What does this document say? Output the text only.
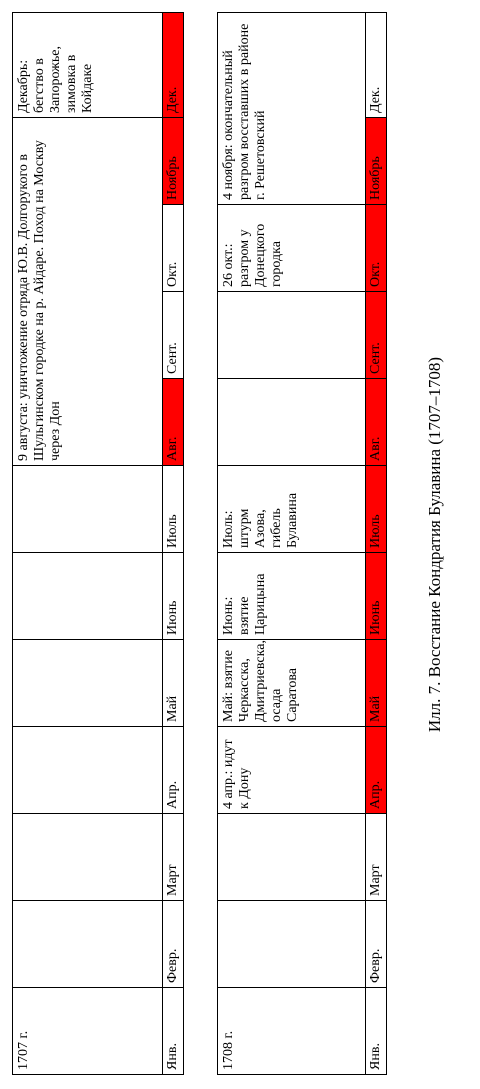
1707 г.							9 августа: уничтожение отряда Ю.В. Долгорукого в Шульгинском городке на р. Айдаре. Поход на Москву через Дон				Декабрь: бегство в Запорожье, зимовка в Койдаке
Янв.	Февр.	Март	Апр.	Май	Июнь	Июль	Авг.	Сент.	Окт.	Ноябрь	Дек.
1708 г.			4 апр.: идут к Дону	Май: взятие Черкасска, Дмитриевска, осада Саратова	Июнь: взятие Царицына	Июль: штурм Азова, гибель Булавина			26 окт.: разгром у Донецкого городка	4 ноября: окончательный разгром восставших в районе г. Решетовский	
Янв.	Февр.	Март	Апр.	Май	Июнь	Июль	Авг.	Сент.	Окт.	Ноябрь	Дек.
Илл. 7. Восстание Кондратия Булавина (1707–1708)
